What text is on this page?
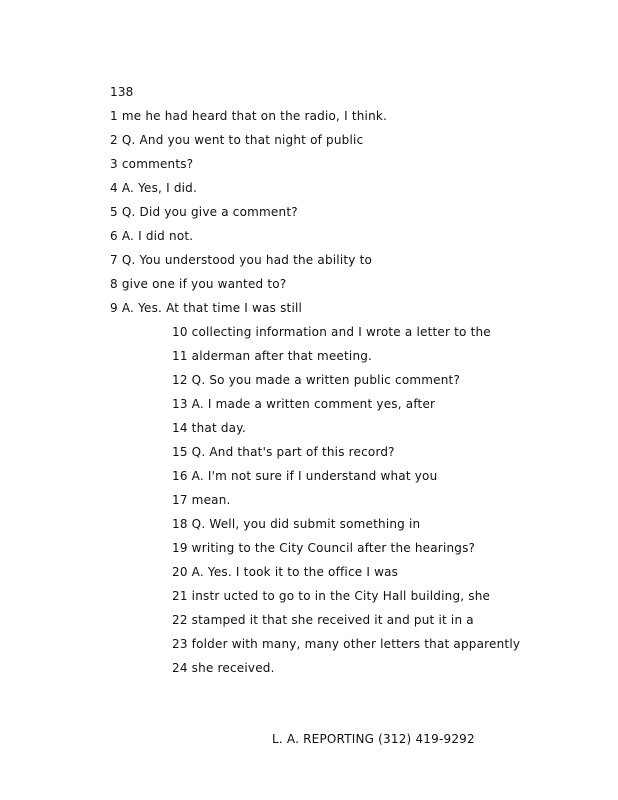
138
1 me he had heard that on the radio, I think.
2 Q. And you went to that night of public
3 comments?
4 A. Yes, I did.
5 Q. Did you give a comment?
6 A. I did not.
7 Q. You understood you had the ability to
8 give one if you wanted to?
9 A. Yes. At that time I was still
10 collecting information and I wrote a letter to the
11 alderman after that meeting.
12 Q. So you made a written public comment?
13 A. I made a written comment yes, after
14 that day.
15 Q. And that's part of this record?
16 A. I'm not sure if I understand what you
17 mean.
18 Q. Well, you did submit something in
19 writing to the City Council after the hearings?
20 A. Yes. I took it to the office I was
21 instr ucted to go to in the City Hall building, she
22 stamped it that she received it and put it in a
23 folder with many, many other letters that apparently
24 she received.
L. A. REPORTING (312) 419-9292
